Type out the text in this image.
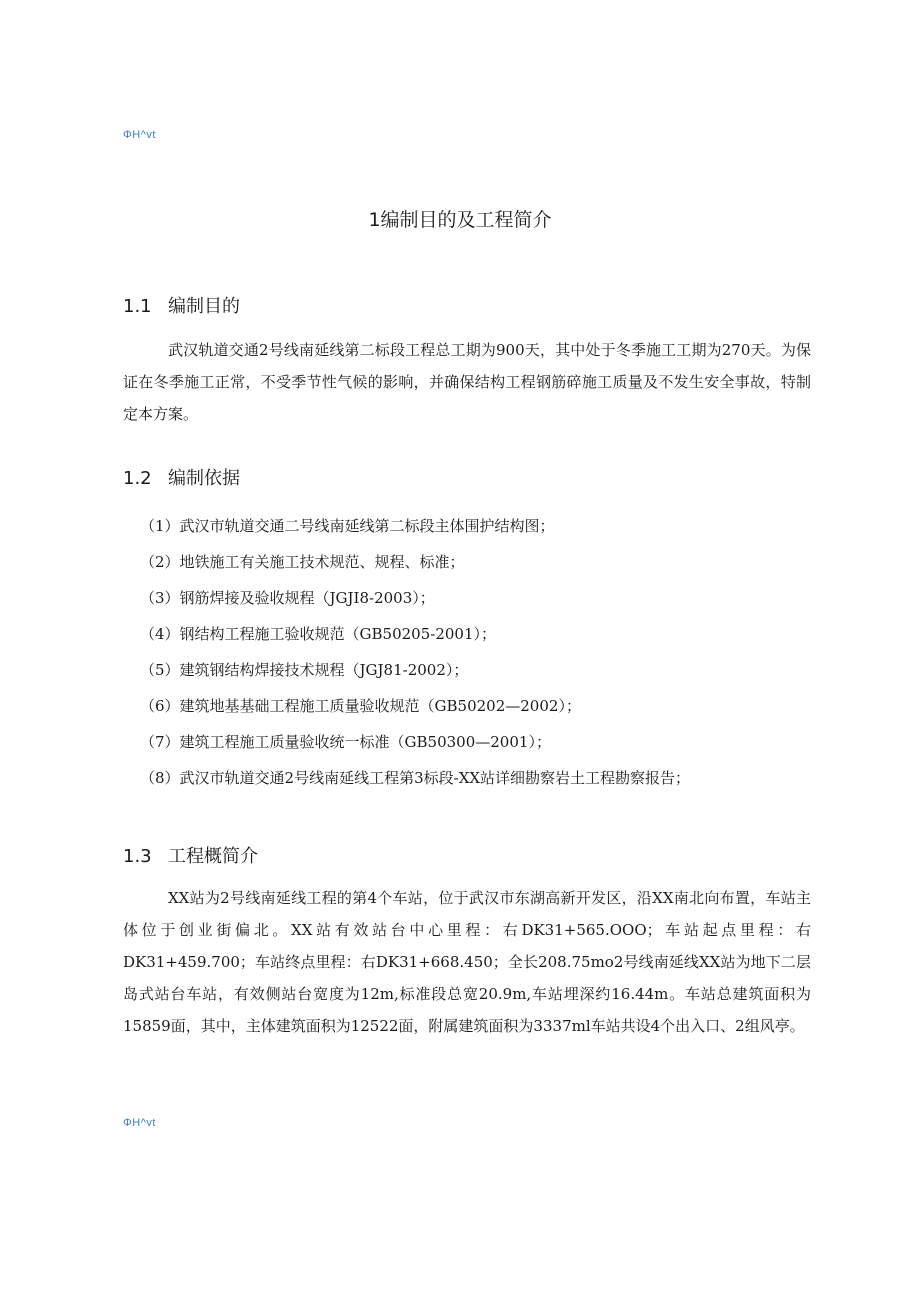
ΦH^vt
1编制目的及工程简介
1.1 编制目的

武汉轨道交通2号线南延线第二标段工程总工期为900天，其中处于冬季施工工期为270天。为保证在冬季施工正常，不受季节性气候的影响，并确保结构工程钢筋碎施工质量及不发生安全事故，特制定本方案。

1.2 编制依据
（1）武汉市轨道交通二号线南延线第二标段主体围护结构图；
（2）地铁施工有关施工技术规范、规程、标准；
（3）钢筋焊接及验收规程（JGJI8-2003）；
（4）钢结构工程施工验收规范（GB50205-2001）；
（5）建筑钢结构焊接技术规程（JGJ81-2002）；
（6）建筑地基基础工程施工质量验收规范（GB50202—2002）；
（7）建筑工程施工质量验收统一标准（GB50300—2001）；
（8）武汉市轨道交通2号线南延线工程第3标段-XX站详细勘察岩土工程勘察报告；
1.3 工程概简介

XX站为2号线南延线工程的第4个车站，位于武汉市东湖高新开发区，沿XX南北向布置，车站主体位于创业街偏北。XX站有效站台中心里程：右DK31+565.OOO；车站起点里程：右DK31+459.700；车站终点里程：右DK31+668.450；全长208.75mo2号线南延线XX站为地下二层岛式站台车站，有效侧站台宽度为12m,标准段总宽20.9m,车站埋深约16.44m。车站总建筑面积为15859面，其中，主体建筑面积为12522面，附属建筑面积为3337ml车站共设4个出入口、2组风亭。

ΦH^vt
